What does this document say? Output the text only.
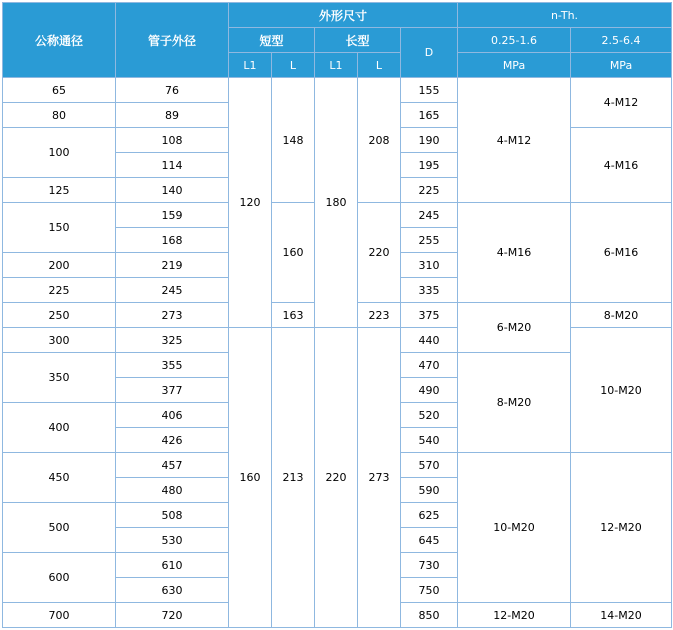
公称通径	管子外径	外形尺寸					n-Th.	
		短型		长型		D	0.25-1.6	2.5-6.4
		L1	L	L1	L		MPa	MPa
65	76	120	148	180	208	155	4-M12	4-M12
80	89					165		
100	108					190		4-M16
	114					195		
125	140					225		
150	159		160		220	245	4-M16	6-M16
	168					255		
200	219					310		
225	245					335		
250	273		163		223	375	6-M20	8-M20
300	325	160	213	220	273	440		10-M20
350	355					470	8-M20	
	377					490		
400	406					520		
	426					540		
450	457					570	10-M20	12-M20
	480					590		
500	508					625		
	530					645		
600	610					730		
	630					750		
700	720					850	12-M20	14-M20
